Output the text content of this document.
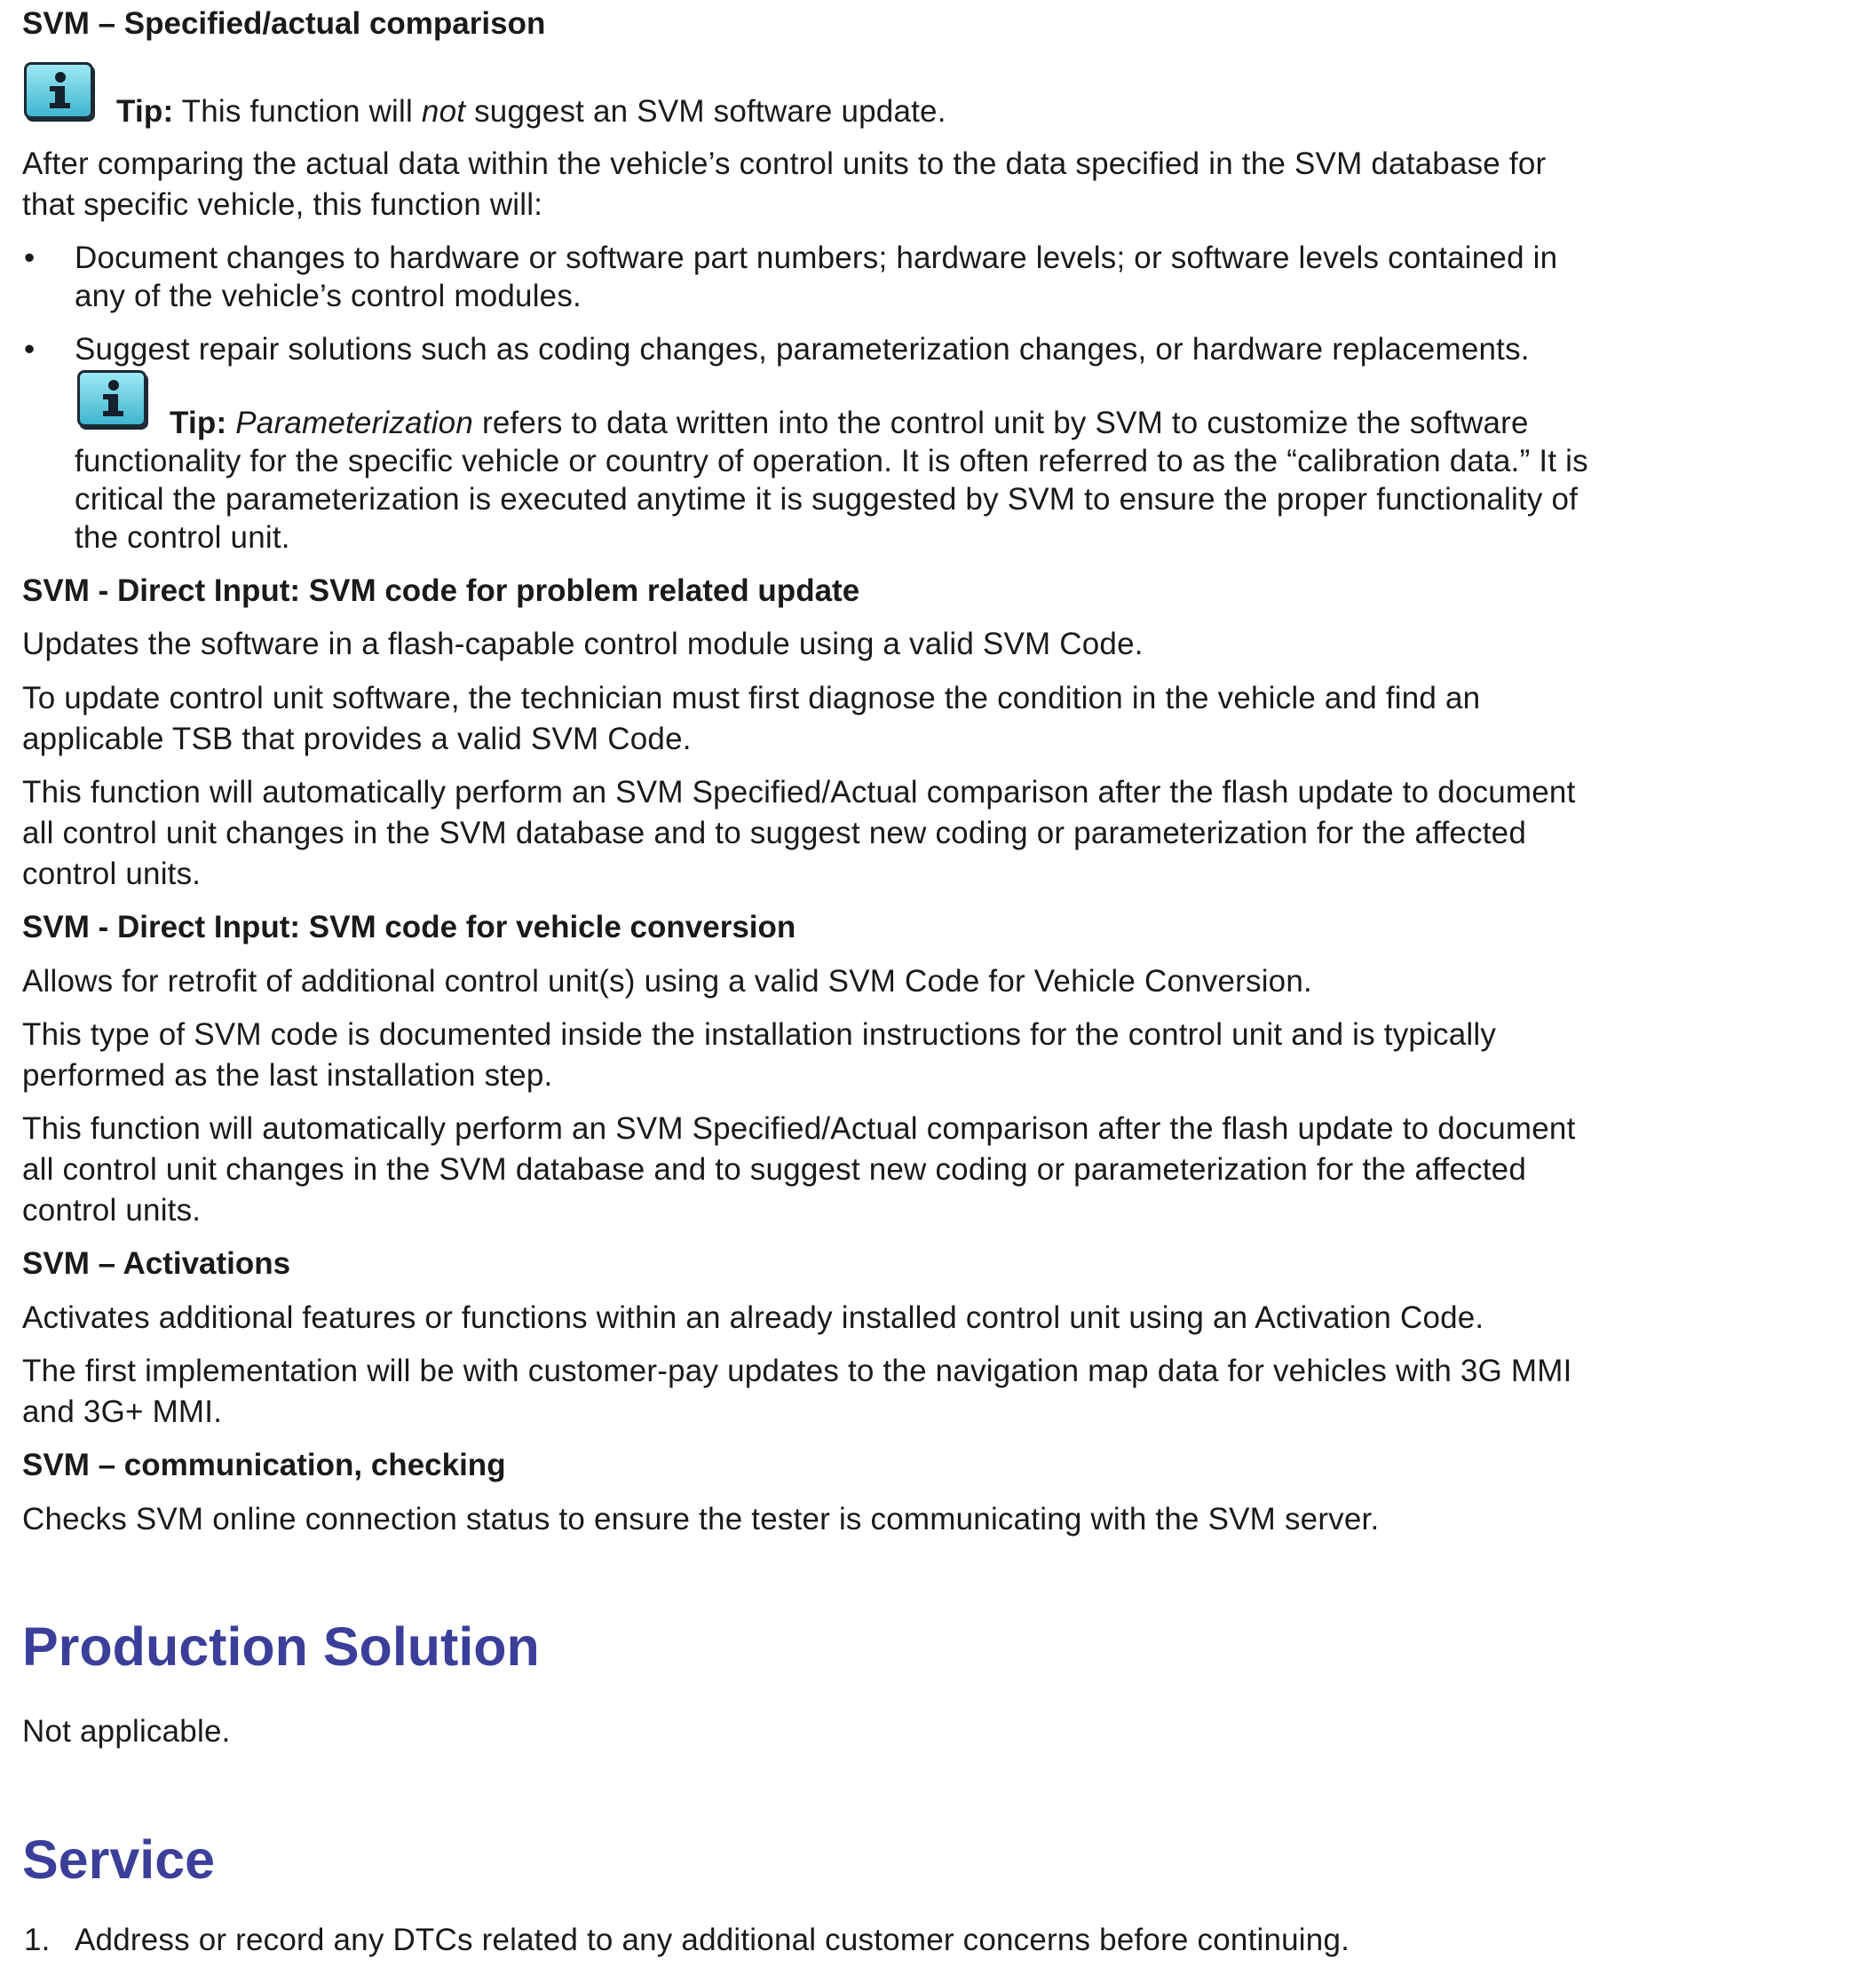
SVM – Specified/actual comparison
Tip: This function will not suggest an SVM software update.
After comparing the actual data within the vehicle’s control units to the data specified in the SVM database for
that specific vehicle, this function will:
• Document changes to hardware or software part numbers; hardware levels; or software levels contained in
any of the vehicle’s control modules.
• Suggest repair solutions such as coding changes, parameterization changes, or hardware replacements.
Tip: Parameterization refers to data written into the control unit by SVM to customize the software
functionality for the specific vehicle or country of operation. It is often referred to as the “calibration data.” It is
critical the parameterization is executed anytime it is suggested by SVM to ensure the proper functionality of
the control unit.
SVM - Direct Input: SVM code for problem related update
Updates the software in a flash-capable control module using a valid SVM Code.
To update control unit software, the technician must first diagnose the condition in the vehicle and find an
applicable TSB that provides a valid SVM Code.
This function will automatically perform an SVM Specified/Actual comparison after the flash update to document
all control unit changes in the SVM database and to suggest new coding or parameterization for the affected
control units.
SVM - Direct Input: SVM code for vehicle conversion
Allows for retrofit of additional control unit(s) using a valid SVM Code for Vehicle Conversion.
This type of SVM code is documented inside the installation instructions for the control unit and is typically
performed as the last installation step.
This function will automatically perform an SVM Specified/Actual comparison after the flash update to document
all control unit changes in the SVM database and to suggest new coding or parameterization for the affected
control units.
SVM – Activations
Activates additional features or functions within an already installed control unit using an Activation Code.
The first implementation will be with customer-pay updates to the navigation map data for vehicles with 3G MMI
and 3G+ MMI.
SVM – communication, checking
Checks SVM online connection status to ensure the tester is communicating with the SVM server.
Production Solution
Not applicable.
Service
1. Address or record any DTCs related to any additional customer concerns before continuing.
